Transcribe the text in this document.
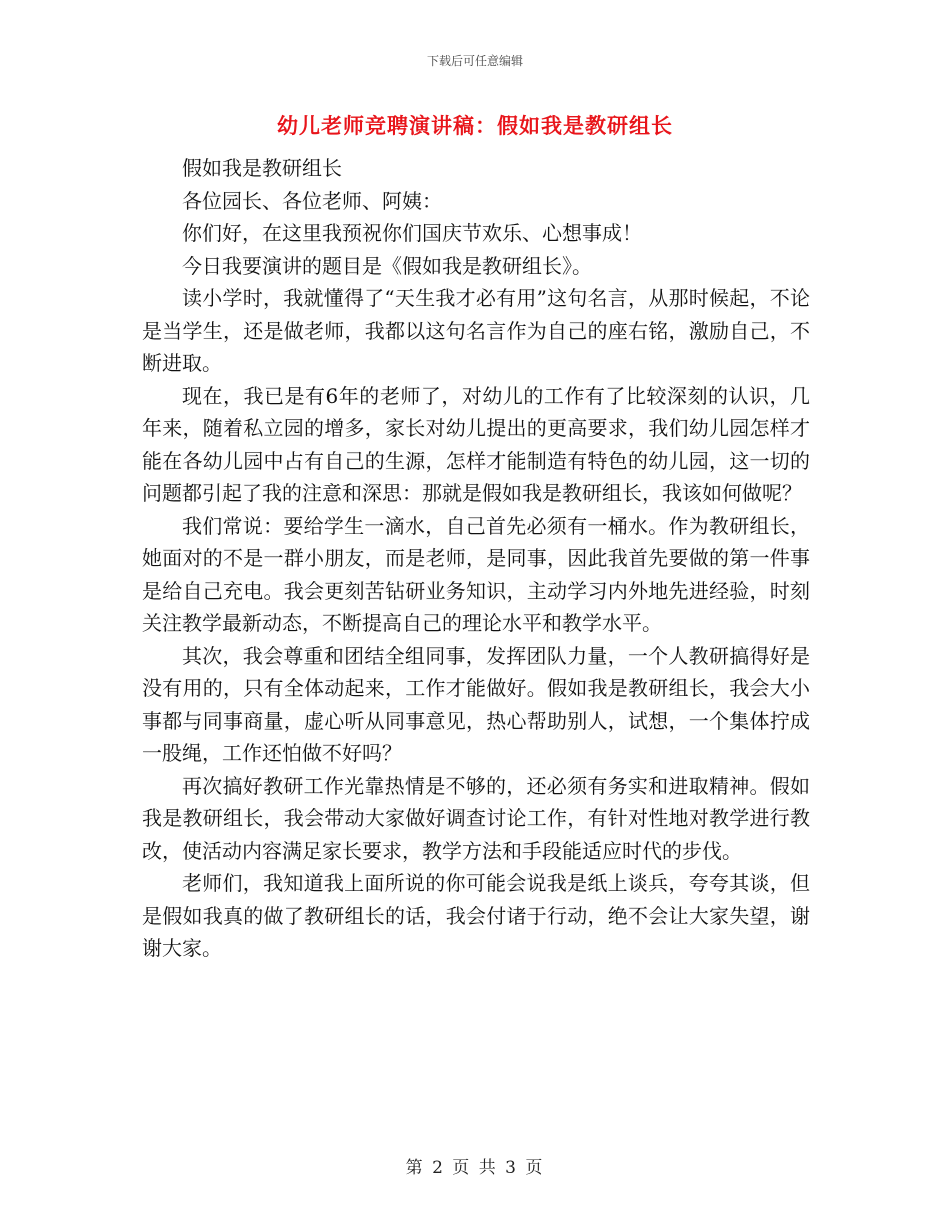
下载后可任意编辑
幼儿老师竞聘演讲稿：假如我是教研组长

假如我是教研组长

各位园长、各位老师、阿姨：

你们好，在这里我预祝你们国庆节欢乐、心想事成！

今日我要演讲的题目是《假如我是教研组长》。

读小学时，我就懂得了“天生我才必有用”这句名言，从那时候起，不论是当学生，还是做老师，我都以这句名言作为自己的座右铭，激励自己，不断进取。

现在，我已是有6年的老师了，对幼儿的工作有了比较深刻的认识，几年来，随着私立园的增多，家长对幼儿提出的更高要求，我们幼儿园怎样才能在各幼儿园中占有自己的生源，怎样才能制造有特色的幼儿园，这一切的问题都引起了我的注意和深思：那就是假如我是教研组长，我该如何做呢？

我们常说：要给学生一滴水，自己首先必须有一桶水。作为教研组长，她面对的不是一群小朋友，而是老师，是同事，因此我首先要做的第一件事是给自己充电。我会更刻苦钻研业务知识，主动学习内外地先进经验，时刻关注教学最新动态，不断提高自己的理论水平和教学水平。

其次，我会尊重和团结全组同事，发挥团队力量，一个人教研搞得好是没有用的，只有全体动起来，工作才能做好。假如我是教研组长，我会大小事都与同事商量，虚心听从同事意见，热心帮助别人，试想，一个集体拧成一股绳，工作还怕做不好吗？

再次搞好教研工作光靠热情是不够的，还必须有务实和进取精神。假如我是教研组长，我会带动大家做好调查讨论工作，有针对性地对教学进行教改，使活动内容满足家长要求，教学方法和手段能适应时代的步伐。

老师们，我知道我上面所说的你可能会说我是纸上谈兵，夸夸其谈，但是假如我真的做了教研组长的话，我会付诸于行动，绝不会让大家失望，谢谢大家。

第 2 页 共 3 页
